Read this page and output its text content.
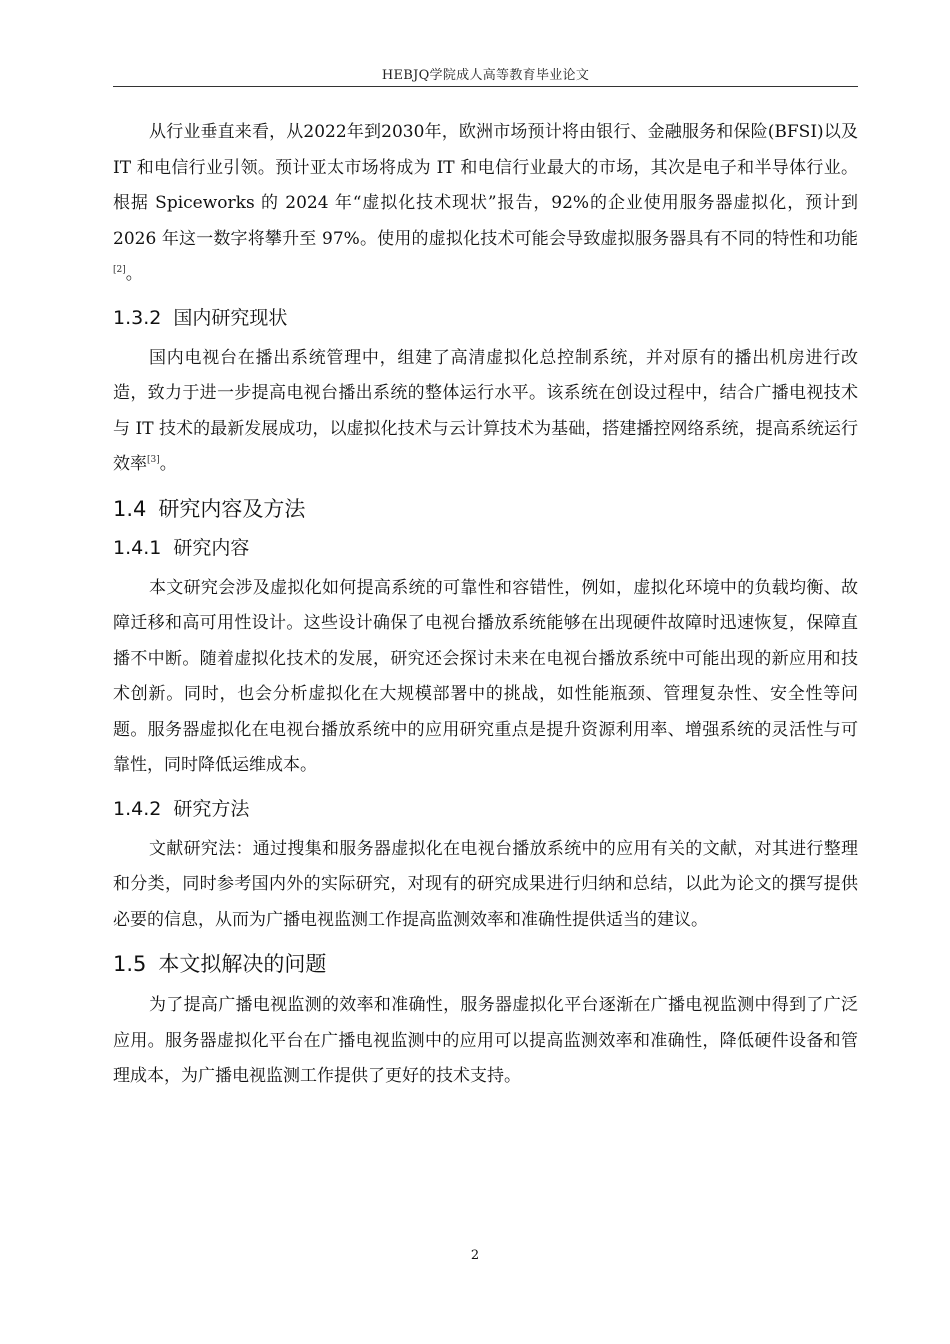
HEBJQ学院成人高等教育毕业论文

从行业垂直来看，从2022年到2030年，欧洲市场预计将由银行、金融服务和保险(BFSI)以及 IT 和电信行业引领。预计亚太市场将成为 IT 和电信行业最大的市场，其次是电子和半导体行业。根据 Spiceworks 的 2024 年“虚拟化技术现状”报告，92%的企业使用服务器虚拟化，预计到 2026 年这一数字将攀升至 97%。使用的虚拟化技术可能会导致虚拟服务器具有不同的特性和功能[2]。

1.3.2 国内研究现状

国内电视台在播出系统管理中，组建了高清虚拟化总控制系统，并对原有的播出机房进行改造，致力于进一步提高电视台播出系统的整体运行水平。该系统在创设过程中，结合广播电视技术与 IT 技术的最新发展成功，以虚拟化技术与云计算技术为基础，搭建播控网络系统，提高系统运行效率[3]。

1.4 研究内容及方法
1.4.1 研究内容

本文研究会涉及虚拟化如何提高系统的可靠性和容错性，例如，虚拟化环境中的负载均衡、故障迁移和高可用性设计。这些设计确保了电视台播放系统能够在出现硬件故障时迅速恢复，保障直播不中断。随着虚拟化技术的发展，研究还会探讨未来在电视台播放系统中可能出现的新应用和技术创新。同时，也会分析虚拟化在大规模部署中的挑战，如性能瓶颈、管理复杂性、安全性等问题。服务器虚拟化在电视台播放系统中的应用研究重点是提升资源利用率、增强系统的灵活性与可靠性，同时降低运维成本。

1.4.2 研究方法

文献研究法：通过搜集和服务器虚拟化在电视台播放系统中的应用有关的文献，对其进行整理和分类，同时参考国内外的实际研究，对现有的研究成果进行归纳和总结，以此为论文的撰写提供必要的信息，从而为广播电视监测工作提高监测效率和准确性提供适当的建议。

1.5 本文拟解决的问题

为了提高广播电视监测的效率和准确性，服务器虚拟化平台逐渐在广播电视监测中得到了广泛应用。服务器虚拟化平台在广播电视监测中的应用可以提高监测效率和准确性，降低硬件设备和管理成本，为广播电视监测工作提供了更好的技术支持。

2
